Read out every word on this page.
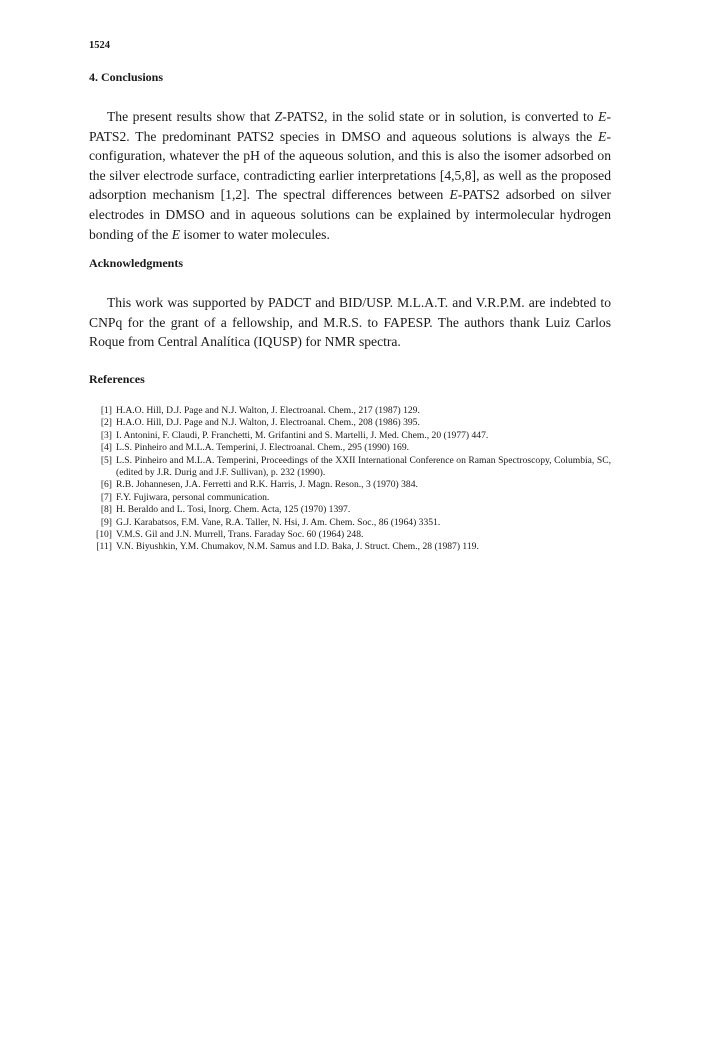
1524
4. Conclusions

The present results show that Z-PATS2, in the solid state or in solution, is converted to E-PATS2. The predominant PATS2 species in DMSO and aqueous solutions is always the E-configuration, whatever the pH of the aqueous solution, and this is also the isomer adsorbed on the silver electrode surface, contradicting earlier interpretations [4,5,8], as well as the proposed adsorption mechanism [1,2]. The spectral differences between E-PATS2 adsorbed on silver electrodes in DMSO and in aqueous solutions can be explained by intermolecular hydrogen bonding of the E isomer to water molecules.

Acknowledgments

This work was supported by PADCT and BID/USP. M.L.A.T. and V.R.P.M. are indebted to CNPq for the grant of a fellowship, and M.R.S. to FAPESP. The authors thank Luiz Carlos Roque from Central Analítica (IQUSP) for NMR spectra.

References
[1] H.A.O. Hill, D.J. Page and N.J. Walton, J. Electroanal. Chem., 217 (1987) 129.
[2] H.A.O. Hill, D.J. Page and N.J. Walton, J. Electroanal. Chem., 208 (1986) 395.
[3] I. Antonini, F. Claudi, P. Franchetti, M. Grifantini and S. Martelli, J. Med. Chem., 20 (1977) 447.
[4] L.S. Pinheiro and M.L.A. Temperini, J. Electroanal. Chem., 295 (1990) 169.
[5] L.S. Pinheiro and M.L.A. Temperini, Proceedings of the XXII International Conference on Raman Spectroscopy, Columbia, SC, (edited by J.R. Durig and J.F. Sullivan), p. 232 (1990).
[6] R.B. Johannesen, J.A. Ferretti and R.K. Harris, J. Magn. Reson., 3 (1970) 384.
[7] F.Y. Fujiwara, personal communication.
[8] H. Beraldo and L. Tosi, Inorg. Chem. Acta, 125 (1970) 1397.
[9] G.J. Karabatsos, F.M. Vane, R.A. Taller, N. Hsi, J. Am. Chem. Soc., 86 (1964) 3351.
[10] V.M.S. Gil and J.N. Murrell, Trans. Faraday Soc. 60 (1964) 248.
[11] V.N. Biyushkin, Y.M. Chumakov, N.M. Samus and I.D. Baka, J. Struct. Chem., 28 (1987) 119.
